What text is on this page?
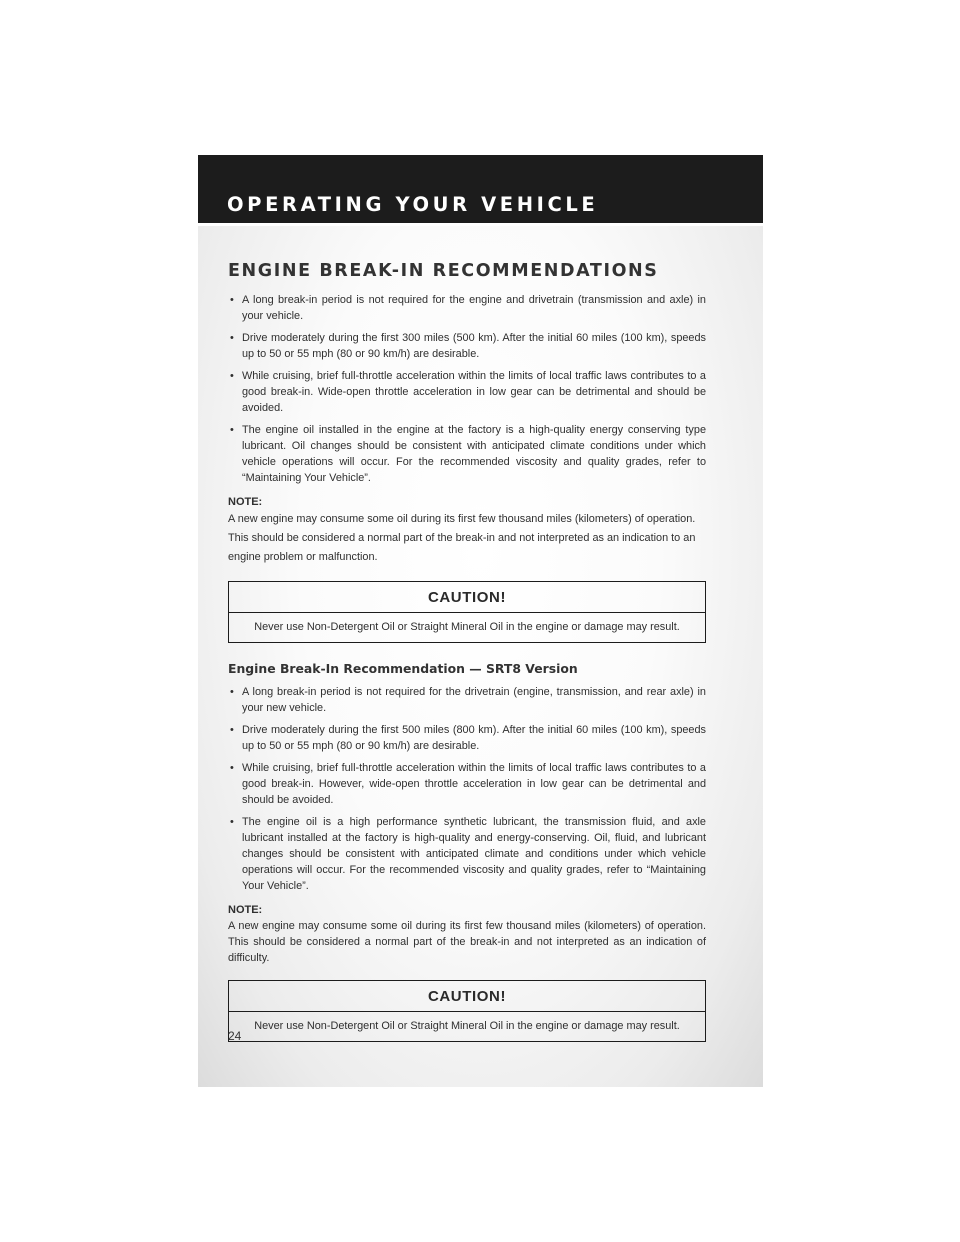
OPERATING YOUR VEHICLE
ENGINE BREAK-IN RECOMMENDATIONS
• A long break-in period is not required for the engine and drivetrain (transmission and axle) in your vehicle.
• Drive moderately during the first 300 miles (500 km). After the initial 60 miles (100 km), speeds up to 50 or 55 mph (80 or 90 km/h) are desirable.
• While cruising, brief full-throttle acceleration within the limits of local traffic laws contributes to a good break-in. Wide-open throttle acceleration in low gear can be detrimental and should be avoided.
• The engine oil installed in the engine at the factory is a high-quality energy conserving type lubricant. Oil changes should be consistent with anticipated climate conditions under which vehicle operations will occur. For the recommended viscosity and quality grades, refer to “Maintaining Your Vehicle”.
NOTE:

A new engine may consume some oil during its first few thousand miles (kilometers) of operation. This should be considered a normal part of the break-in and not interpreted as an indication to an engine problem or malfunction.

CAUTION!
Never use Non-Detergent Oil or Straight Mineral Oil in the engine or damage may result.
Engine Break-In Recommendation — SRT8 Version
• A long break-in period is not required for the drivetrain (engine, transmission, and rear axle) in your new vehicle.
• Drive moderately during the first 500 miles (800 km). After the initial 60 miles (100 km), speeds up to 50 or 55 mph (80 or 90 km/h) are desirable.
• While cruising, brief full-throttle acceleration within the limits of local traffic laws contributes to a good break-in. However, wide-open throttle acceleration in low gear can be detrimental and should be avoided.
• The engine oil is a high performance synthetic lubricant, the transmission fluid, and axle lubricant installed at the factory is high-quality and energy-conserving. Oil, fluid, and lubricant changes should be consistent with anticipated climate and conditions under which vehicle operations will occur. For the recommended viscosity and quality grades, refer to “Maintaining Your Vehicle”.
NOTE:

A new engine may consume some oil during its first few thousand miles (kilometers) of operation. This should be considered a normal part of the break-in and not interpreted as an indication of difficulty.

CAUTION!
Never use Non-Detergent Oil or Straight Mineral Oil in the engine or damage may result.
24
